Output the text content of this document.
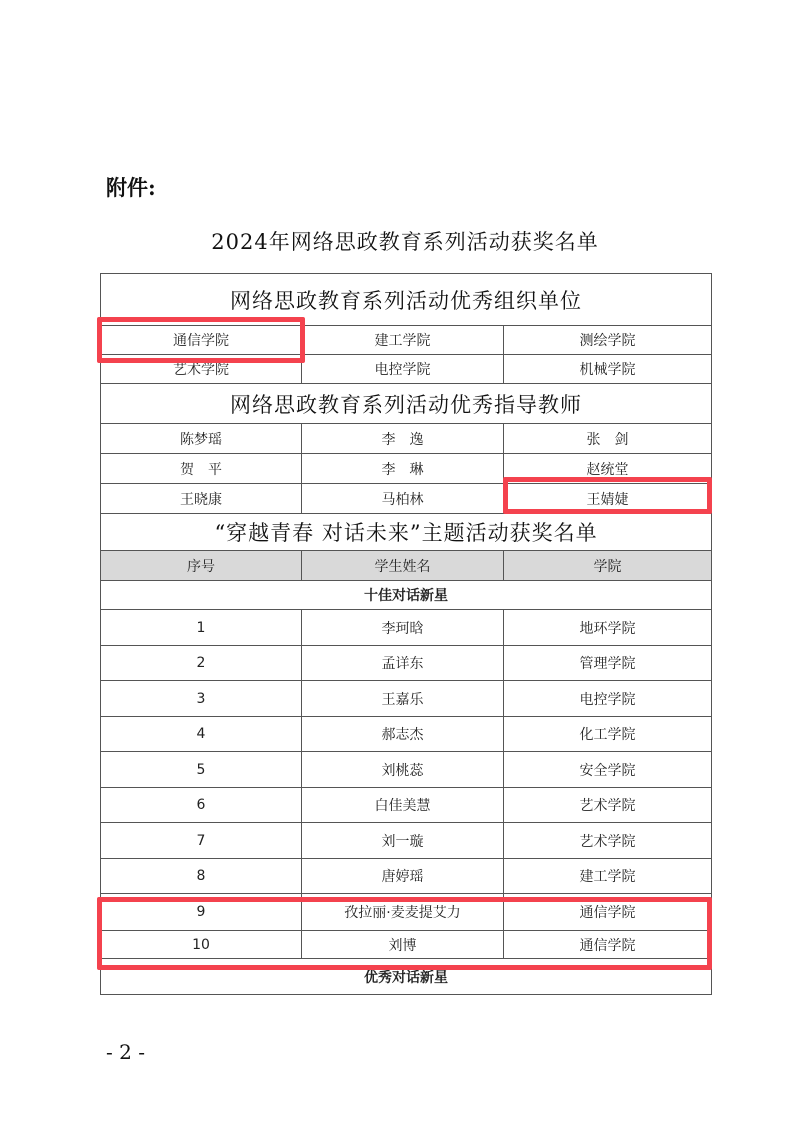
附件:
2024年网络思政教育系列活动获奖名单
网络思政教育系列活动优秀组织单位		
通信学院	建工学院	测绘学院
艺术学院	电控学院	机械学院
网络思政教育系列活动优秀指导教师		
陈梦瑶	李　逸	张　剑
贺　平	李　琳	赵统堂
王晓康	马柏林	王婧婕
“穿越青春 对话未来”主题活动获奖名单		
序号	学生姓名	学院
十佳对话新星		
1	李珂晗	地环学院
2	孟详东	管理学院
3	王嘉乐	电控学院
4	郝志杰	化工学院
5	刘桃蕊	安全学院
6	白佳美慧	艺术学院
7	刘一璇	艺术学院
8	唐婷瑶	建工学院
9	孜拉丽·麦麦提艾力	通信学院
10	刘博	通信学院
优秀对话新星		
- 2 -
